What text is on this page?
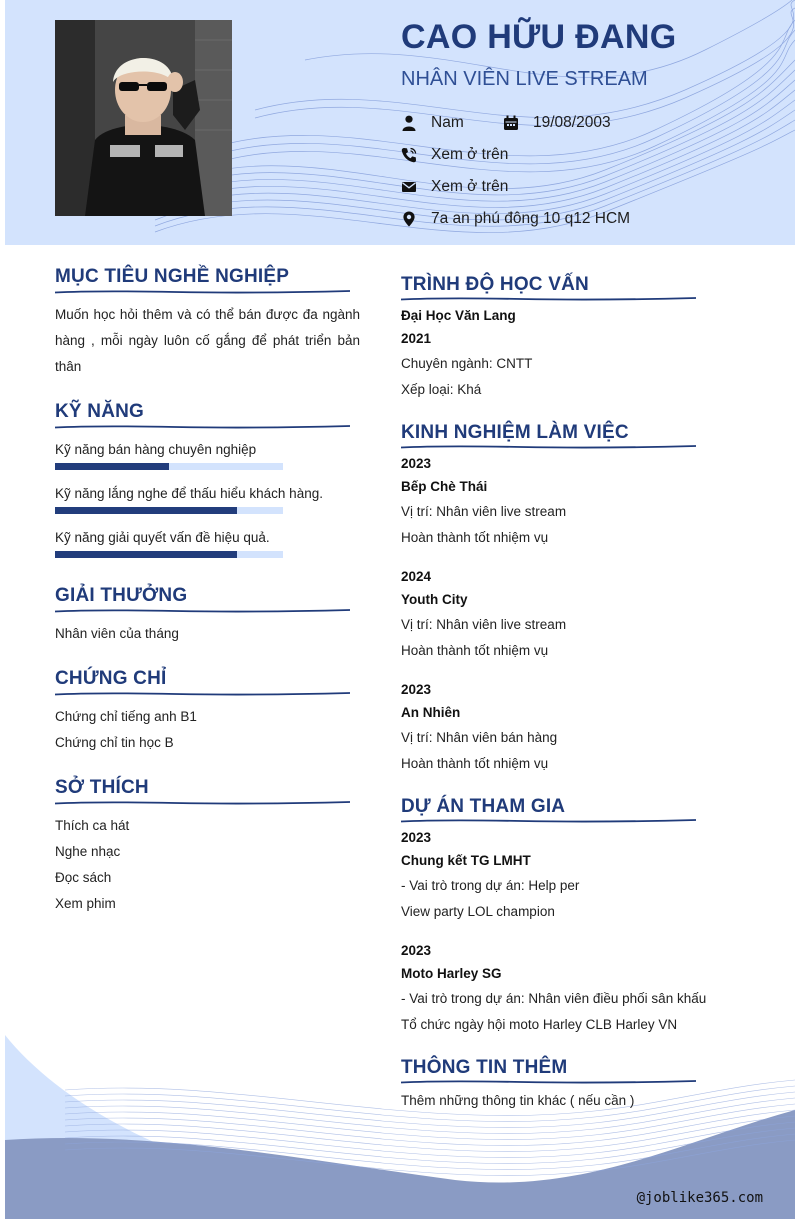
CAO HỮU ĐANG
NHÂN VIÊN LIVE STREAM
Nam	19/08/2003
Xem ở trên
Xem ở trên
7a an phú đông 10 q12 HCM
MỤC TIÊU NGHỀ NGHIỆP
Muốn học hỏi thêm và có thể bán được đa ngành hàng , mỗi ngày luôn cố gắng để phát triển bản thân
KỸ NĂNG
Kỹ năng bán hàng chuyên nghiệp
Kỹ năng lắng nghe để thấu hiểu khách hàng.
Kỹ năng giải quyết vấn đề hiệu quả.
GIẢI THƯỞNG
Nhân viên của tháng
CHỨNG CHỈ
Chứng chỉ tiếng anh B1
Chứng chỉ tin học B
SỞ THÍCH
Thích ca hát
Nghe nhạc
Đọc sách
Xem phim
TRÌNH ĐỘ HỌC VẤN
Đại Học Văn Lang
2021
Chuyên ngành: CNTT
Xếp loại: Khá
KINH NGHIỆM LÀM VIỆC
2023
Bếp Chè Thái
Vị trí: Nhân viên live stream
Hoàn thành tốt nhiệm vụ
2024
Youth City
Vị trí: Nhân viên live stream
Hoàn thành tốt nhiệm vụ
2023
An Nhiên
Vị trí: Nhân viên bán hàng
Hoàn thành tốt nhiệm vụ
DỰ ÁN THAM GIA
2023
Chung kết TG LMHT
- Vai trò trong dự án: Help per
View party LOL champion
2023
Moto Harley SG
- Vai trò trong dự án: Nhân viên điều phối sân khấu
Tổ chức ngày hội moto Harley CLB Harley VN
THÔNG TIN THÊM
Thêm những thông tin khác ( nếu cần )
@joblike365.com
